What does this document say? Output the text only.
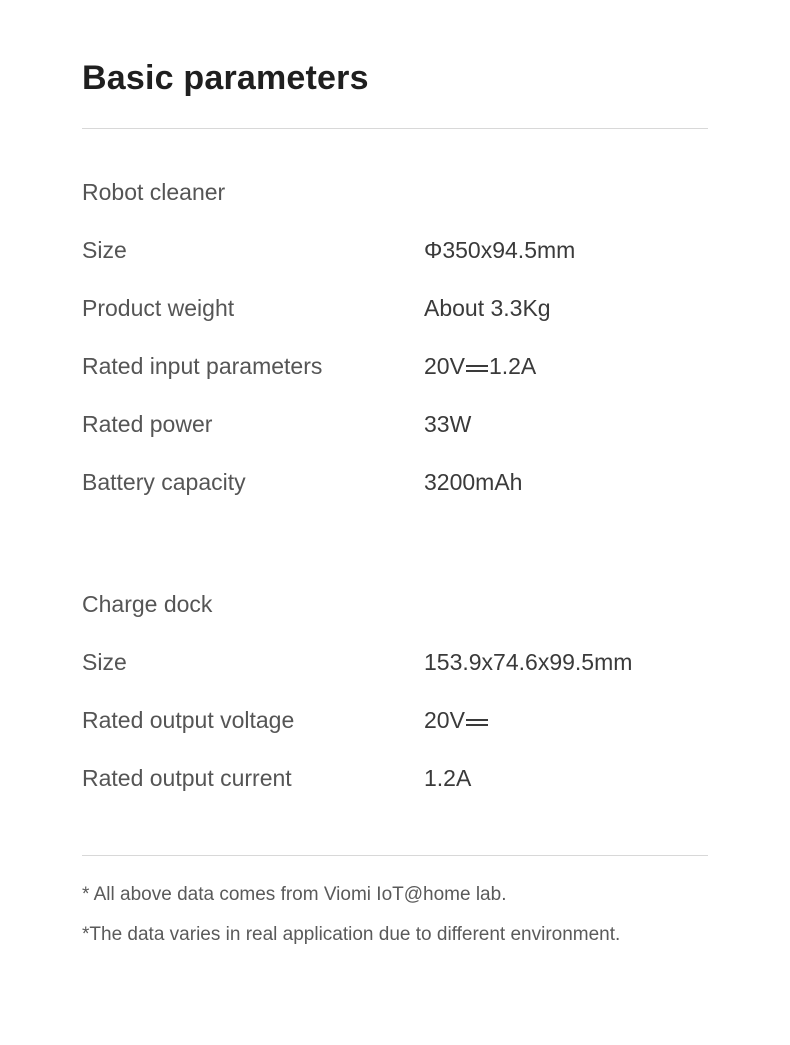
Basic parameters
Robot cleaner
Size	Φ350x94.5mm
Product weight	About 3.3Kg
Rated input parameters	20V 1.2A
Rated power	33W
Battery capacity	3200mAh
Charge dock
Size	153.9x74.6x99.5mm
Rated output voltage	20V
Rated output current	1.2A
* All above data comes from Viomi IoT@home lab.
*The data varies in real application due to different environment.
